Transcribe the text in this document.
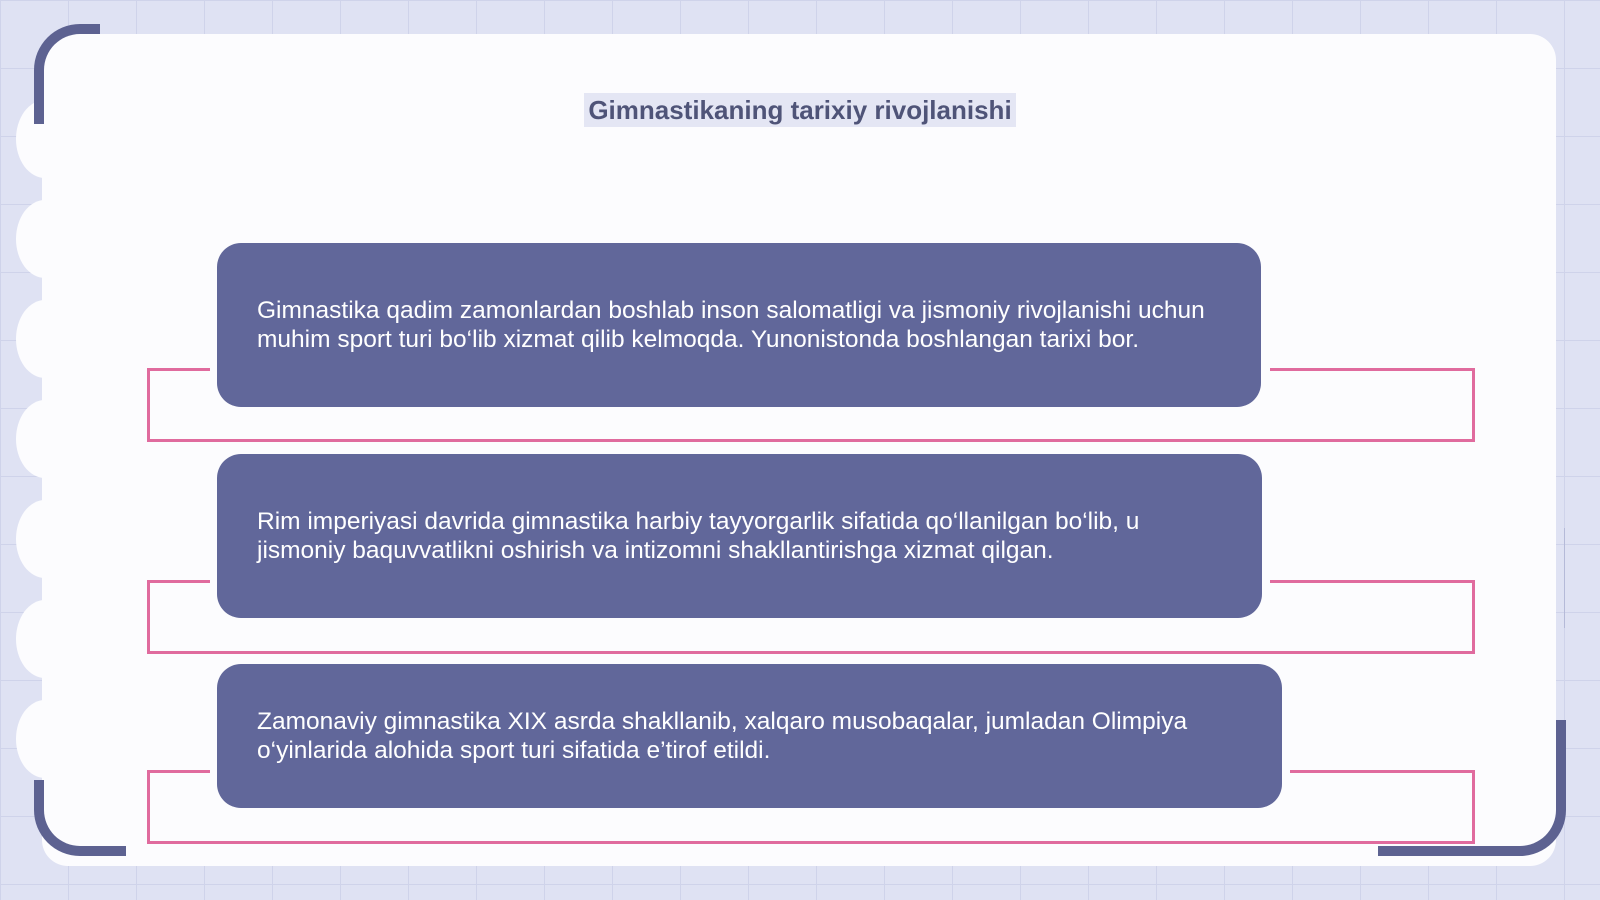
Gimnastikaning tarixiy rivojlanishi

Gimnastika qadim zamonlardan boshlab inson salomatligi va jismoniy rivojlanishi uchun muhim sport turi bo‘lib xizmat qilib kelmoqda. Yunonistonda boshlangan tarixi bor.

Rim imperiyasi davrida gimnastika harbiy tayyorgarlik sifatida qo‘llanilgan bo‘lib, u jismoniy baquvvatlikni oshirish va intizomni shakllantirishga xizmat qilgan.

Zamonaviy gimnastika XIX asrda shakllanib, xalqaro musobaqalar, jumladan Olimpiya o‘yinlarida alohida sport turi sifatida e’tirof etildi.
